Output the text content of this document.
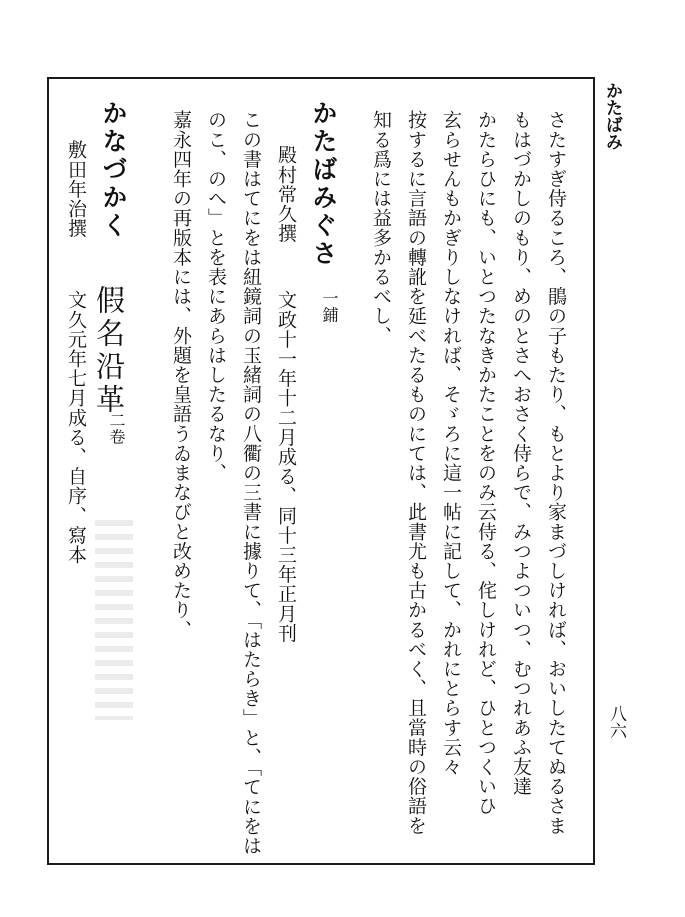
かたばみ
八六
さたすぎ侍るころ、鵑の子もたり、もとより家まづしければ、おいしたてぬるさま
もはづかしのもり、めのとさへおさく侍らで、みつよついつ、むつれあふ友達
かたらひにも、いとつたなきかたことをのみ云侍る、侘しけれど、ひとつくいひ
玄らせんもかぎりしなければ、そゞろに這一帖に記して、かれにとらす云々
按するに言語の轉訛を延べたるものにては、此書尤も古かるべく、且當時の俗語を
知る爲には益多かるべし、
かたばみぐさ
一鋪
殿村常久撰
文政十一年十二月成る、同十三年正月刊
この書はてにをは紐鏡詞の玉緒詞の八衢の三書に據りて、「はたらき」と、「てにをは
のこ、のへ」とを表にあらはしたるなり、
嘉永四年の再版本には、外題を皇語うゐまなびと改めたり、
かなづかく
敷田年治撰
假名沿革
二卷
文久元年七月成る、自序、寫本
